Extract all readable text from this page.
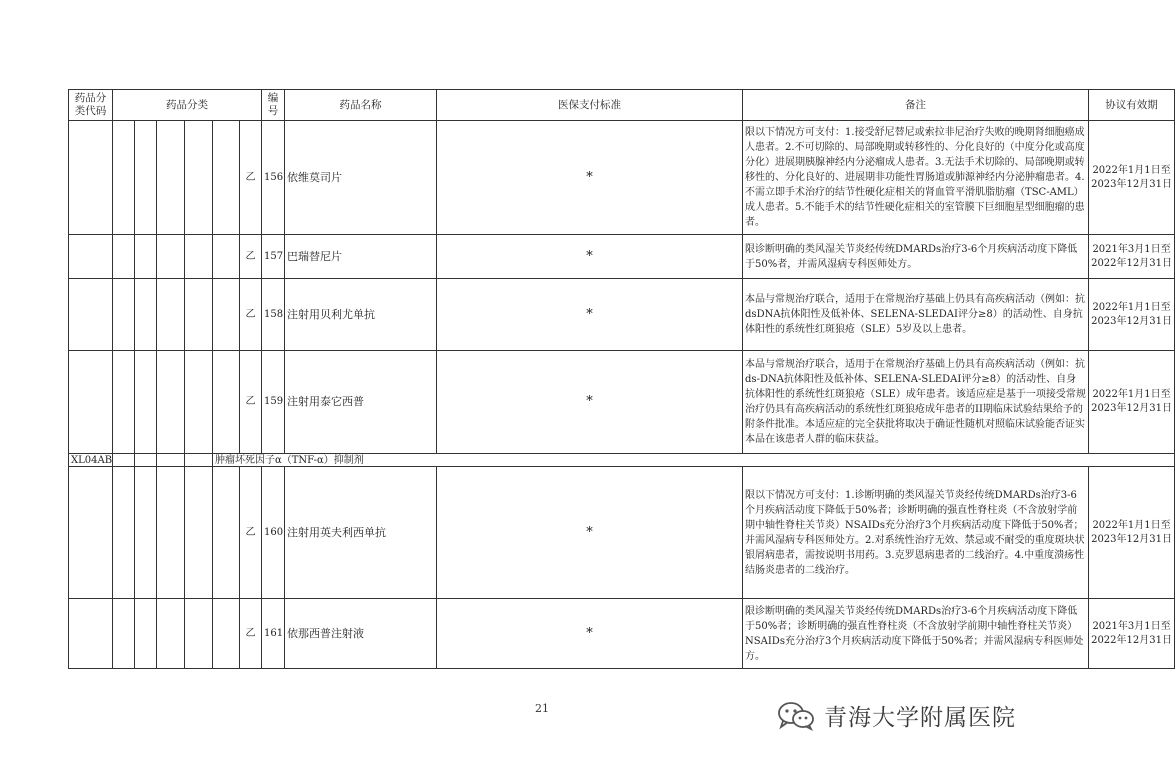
药品分类代码	药品分类						编号	药品名称	医保支付标准	备注	协议有效期
						乙	156	依维莫司片	*	限以下情况方可支付：1.接受舒尼替尼或索拉非尼治疗失败的晚期肾细胞癌成人患者。2.不可切除的、局部晚期或转移性的、分化良好的（中度分化或高度分化）进展期胰腺神经内分泌瘤成人患者。3.无法手术切除的、局部晚期或转移性的、分化良好的、进展期非功能性胃肠道或肺源神经内分泌肿瘤患者。4.不需立即手术治疗的结节性硬化症相关的肾血管平滑肌脂肪瘤（TSC-AML）成人患者。5.不能手术的结节性硬化症相关的室管膜下巨细胞星型细胞瘤的患者。	2022年1月1日至
2023年12月31日

						乙	157	巴瑞替尼片	*	限诊断明确的类风湿关节炎经传统DMARDs治疗3-6个月疾病活动度下降低于50%者，并需风湿病专科医师处方。	2021年3月1日至
2022年12月31日

						乙	158	注射用贝利尤单抗	*	本品与常规治疗联合，适用于在常规治疗基础上仍具有高疾病活动（例如：抗dsDNA抗体阳性及低补体、SELENA-SLEDAI评分≥8）的活动性、自身抗体阳性的系统性红斑狼疮（SLE）5岁及以上患者。	2022年1月1日至
2023年12月31日

						乙	159	注射用泰它西普	*	本品与常规治疗联合，适用于在常规治疗基础上仍具有高疾病活动（例如：抗ds-DNA抗体阳性及低补体、SELENA-SLEDAI评分≥8）的活动性、自身抗体阳性的系统性红斑狼疮（SLE）成年患者。该适应症是基于一项接受常规治疗仍具有高疾病活动的系统性红斑狼疮成年患者的II期临床试验结果给予的附条件批准。本适应症的完全获批将取决于确证性随机对照临床试验能否证实本品在该患者人群的临床获益。	2022年1月1日至
2023年12月31日

XL04AB					肿瘤坏死因子α（TNF-α）抑制剂						
						乙	160	注射用英夫利西单抗	*	限以下情况方可支付：1.诊断明确的类风湿关节炎经传统DMARDs治疗3-6个月疾病活动度下降低于50%者；诊断明确的强直性脊柱炎（不含放射学前期中轴性脊柱关节炎）NSAIDs充分治疗3个月疾病活动度下降低于50%者；并需风湿病专科医师处方。2.对系统性治疗无效、禁忌或不耐受的重度斑块状银屑病患者，需按说明书用药。3.克罗恩病患者的二线治疗。4.中重度溃疡性结肠炎患者的二线治疗。	2022年1月1日至
2023年12月31日

						乙	161	依那西普注射液	*	限诊断明确的类风湿关节炎经传统DMARDs治疗3-6个月疾病活动度下降低于50%者；诊断明确的强直性脊柱炎（不含放射学前期中轴性脊柱关节炎）NSAIDs充分治疗3个月疾病活动度下降低于50%者；并需风湿病专科医师处方。	2021年3月1日至
2022年12月31日
21	青海大学附属医院
